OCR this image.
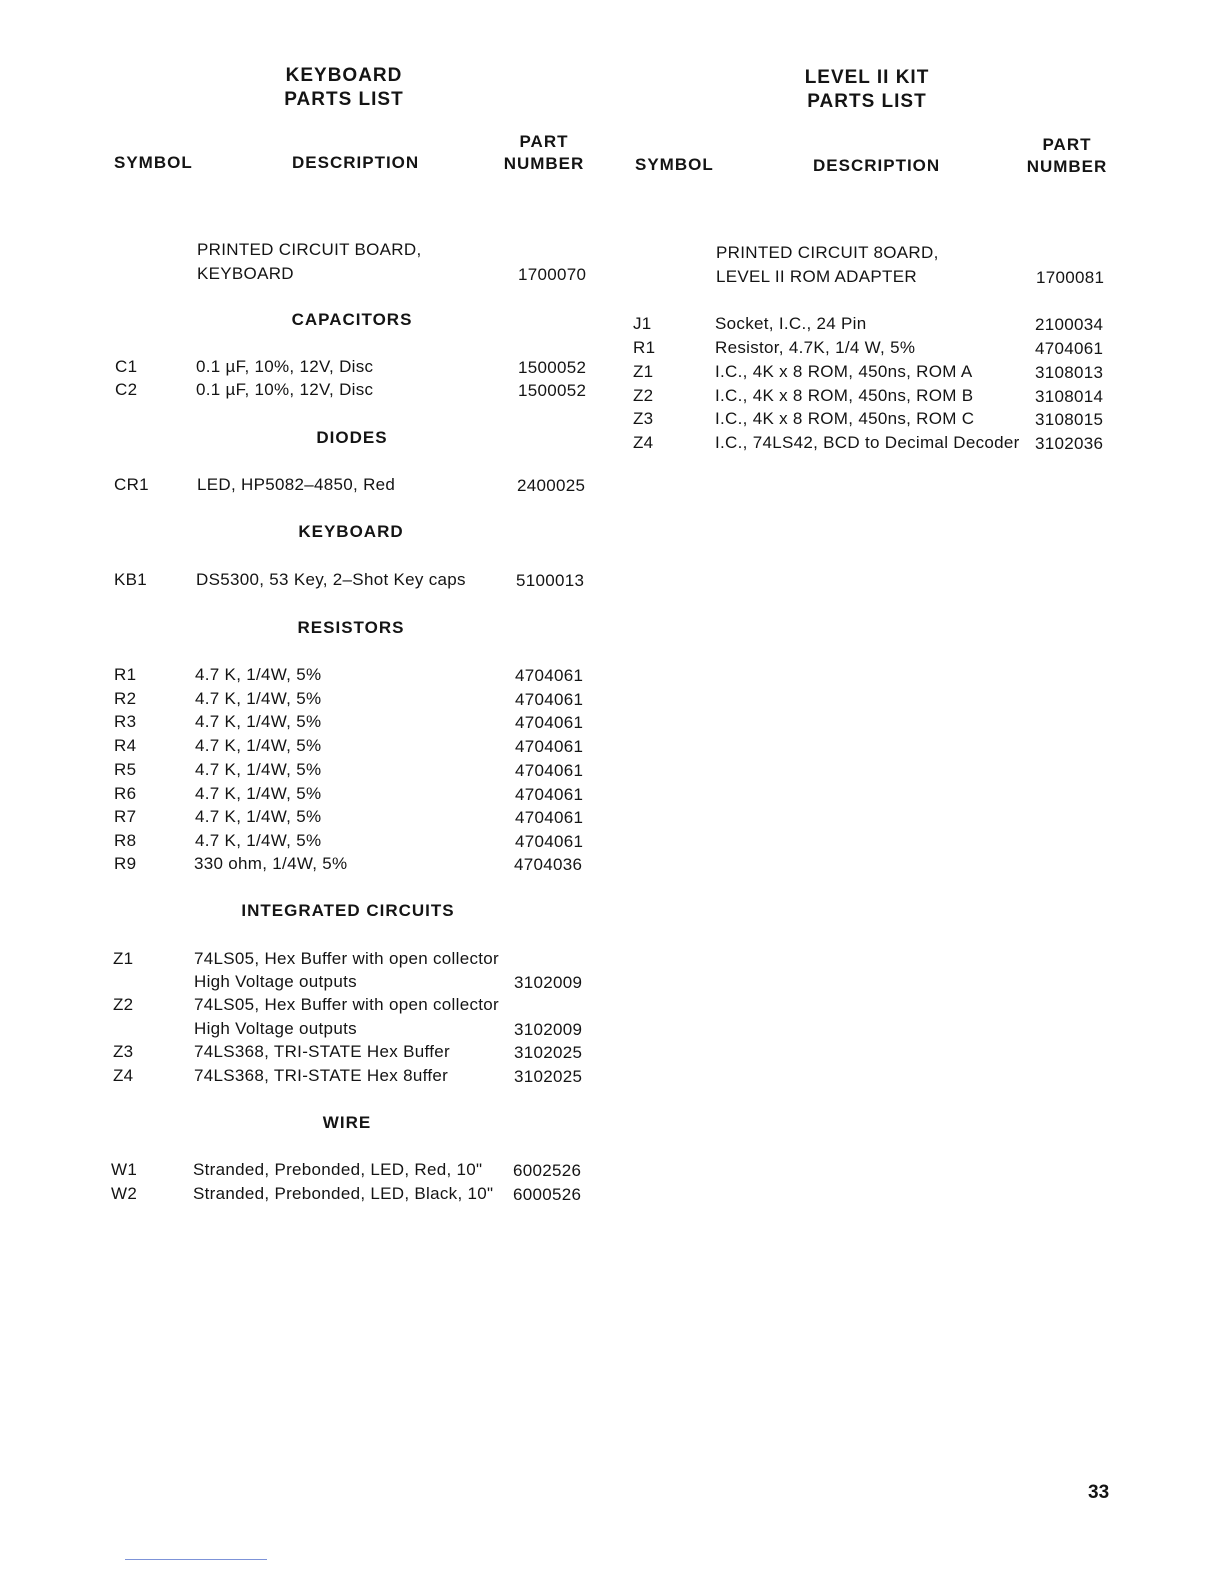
KEYBOARD
PARTS LIST
SYMBOL	DESCRIPTION
PART
NUMBER
PRINTED CIRCUIT BOARD,
KEYBOARD	1700070
CAPACITORS
C1	0.1 µF, 10%, 12V, Disc	1500052
C2	0.1 µF, 10%, 12V, Disc	1500052
DIODES
CR1	LED, HP5082–4850, Red	2400025
KEYBOARD
KB1	DS5300, 53 Key, 2–Shot Key caps	5100013
RESISTORS
R1	4.7 K, 1/4W, 5%	4704061
R2	4.7 K, 1/4W, 5%	4704061
R3	4.7 K, 1/4W, 5%	4704061
R4	4.7 K, 1/4W, 5%	4704061
R5	4.7 K, 1/4W, 5%	4704061
R6	4.7 K, 1/4W, 5%	4704061
R7	4.7 K, 1/4W, 5%	4704061
R8	4.7 K, 1/4W, 5%	4704061
R9	330 ohm, 1/4W, 5%	4704036
INTEGRATED CIRCUITS
Z1	74LS05, Hex Buffer with open collector
High Voltage outputs	3102009
Z2	74LS05, Hex Buffer with open collector
High Voltage outputs	3102009
Z3	74LS368, TRI-STATE Hex Buffer	3102025
Z4	74LS368, TRI-STATE Hex 8uffer	3102025
WIRE
W1	Stranded, Prebonded, LED, Red, 10" 6002526
W2	Stranded, Prebonded, LED, Black, 10" 6000526
LEVEL II KIT
PARTS LIST
SYMBOL	DESCRIPTION
PART
NUMBER
PRINTED CIRCUIT 8OARD,
LEVEL II ROM ADAPTER	1700081
J1	Socket, I.C., 24 Pin	2100034
R1	Resistor, 4.7K, 1/4 W, 5%	4704061
Z1	I.C., 4K x 8 ROM, 450ns, ROM A	3108013
Z2	I.C., 4K x 8 ROM, 450ns, ROM B	3108014
Z3	I.C., 4K x 8 ROM, 450ns, ROM C	3108015
Z4	I.C., 74LS42, BCD to Decimal Decoder 3102036
33
